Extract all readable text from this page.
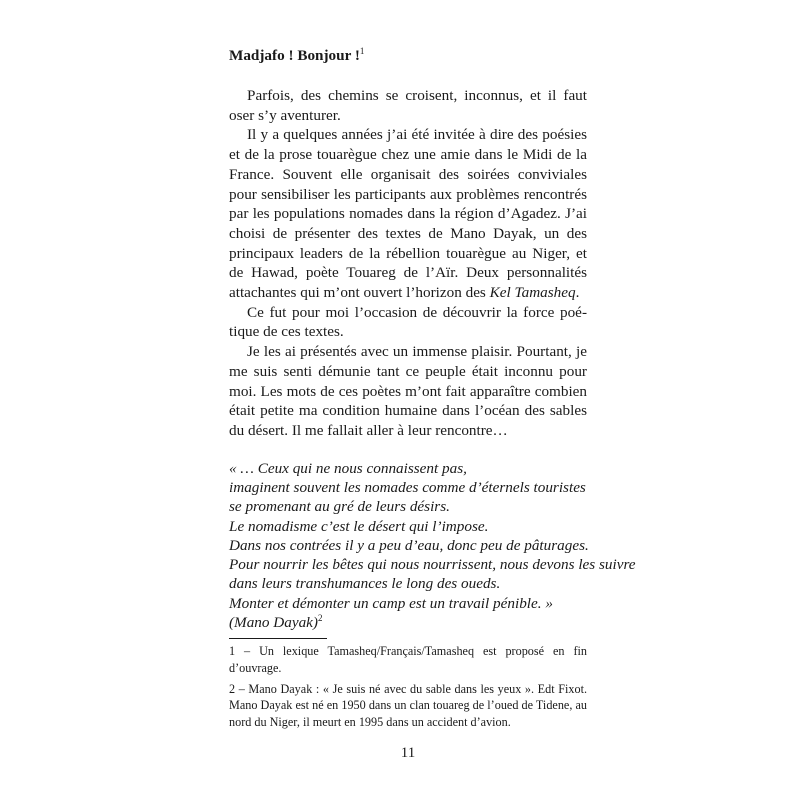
Madjafo ! Bonjour !$^1$

Parfois, des chemins se croisent, inconnus, et il faut oser s’y aventurer.

Il y a quelques années j’ai été invitée à dire des poésies et de la prose touarègue chez une amie dans le Midi de la France. Souvent elle organisait des soirées conviviales pour sensibiliser les participants aux problèmes rencontrés par les populations nomades dans la région d’Agadez. J’ai choisi de présenter des textes de Mano Dayak, un des principaux leaders de la rébellion touarègue au Niger, et de Hawad, poète Touareg de l’Aïr. Deux personnalités attachantes qui m’ont ouvert l’horizon des Kel Tamasheq.

Ce fut pour moi l’occasion de découvrir la force poétique de ces textes.

Je les ai présentés avec un immense plaisir. Pourtant, je me suis senti démunie tant ce peuple était inconnu pour moi. Les mots de ces poètes m’ont fait apparaître combien était petite ma condition humaine dans l’océan des sables du désert. Il me fallait aller à leur rencontre…

« … Ceux qui ne nous connaissent pas,
imaginent souvent les nomades comme d’éternels touristes
se promenant au gré de leurs désirs.
Le nomadisme c’est le désert qui l’impose.
Dans nos contrées il y a peu d’eau, donc peu de pâturages.
Pour nourrir les bêtes qui nous nourrissent, nous devons les suivre
dans leurs transhumances le long des oueds.
Monter et démonter un camp est un travail pénible. »
(Mano Dayak)$^2$

1 – Un lexique Tamasheq/Français/Tamasheq est proposé en fin d’ouvrage.

2 – Mano Dayak : « Je suis né avec du sable dans les yeux ». Edt Fixot. Mano Dayak est né en 1950 dans un clan touareg de l’oued de Tidene, au nord du Niger, il meurt en 1995 dans un accident d’avion.

11
